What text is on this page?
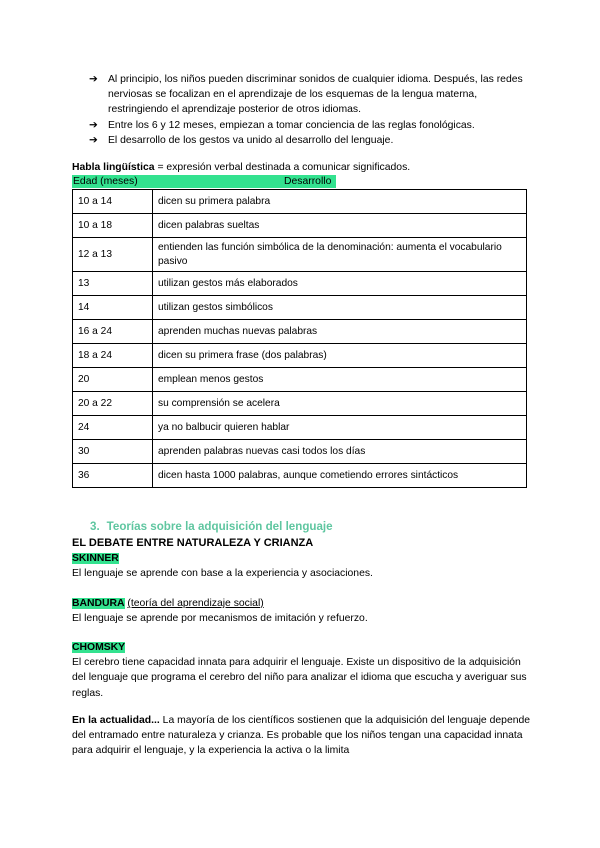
➔ Al principio, los niños pueden discriminar sonidos de cualquier idioma. Después, las redes nerviosas se focalizan en el aprendizaje de los esquemas de la lengua materna, restringiendo el aprendizaje posterior de otros idiomas.
➔ Entre los 6 y 12 meses, empiezan a tomar conciencia de las reglas fonológicas.
➔ El desarrollo de los gestos va unido al desarrollo del lenguaje.
Habla lingüística = expresión verbal destinada a comunicar significados.
Edad (meses)	Desarrollo
10 a 14	dicen su primera palabra
10 a 18	dicen palabras sueltas
12 a 13	entienden las función simbólica de la denominación: aumenta el vocabulario pasivo
13	utilizan gestos más elaborados
14	utilizan gestos simbólicos
16 a 24	aprenden muchas nuevas palabras
18 a 24	dicen su primera frase (dos palabras)
20	emplean menos gestos
20 a 22	su comprensión se acelera
24	ya no balbucir quieren hablar
30	aprenden palabras nuevas casi todos los días
36	dicen hasta 1000 palabras, aunque cometiendo errores sintácticos
3. Teorías sobre la adquisición del lenguaje
EL DEBATE ENTRE NATURALEZA Y CRIANZA

SKINNER

El lenguaje se aprende con base a la experiencia y asociaciones.

BANDURA (teoría del aprendizaje social)

El lenguaje se aprende por mecanismos de imitación y refuerzo.

CHOMSKY

El cerebro tiene capacidad innata para adquirir el lenguaje. Existe un dispositivo de la adquisición del lenguaje que programa el cerebro del niño para analizar el idioma que escucha y averiguar sus reglas.

En la actualidad... La mayoría de los científicos sostienen que la adquisición del lenguaje depende del entramado entre naturaleza y crianza. Es probable que los niños tengan una capacidad innata para adquirir el lenguaje, y la experiencia la activa o la limita
